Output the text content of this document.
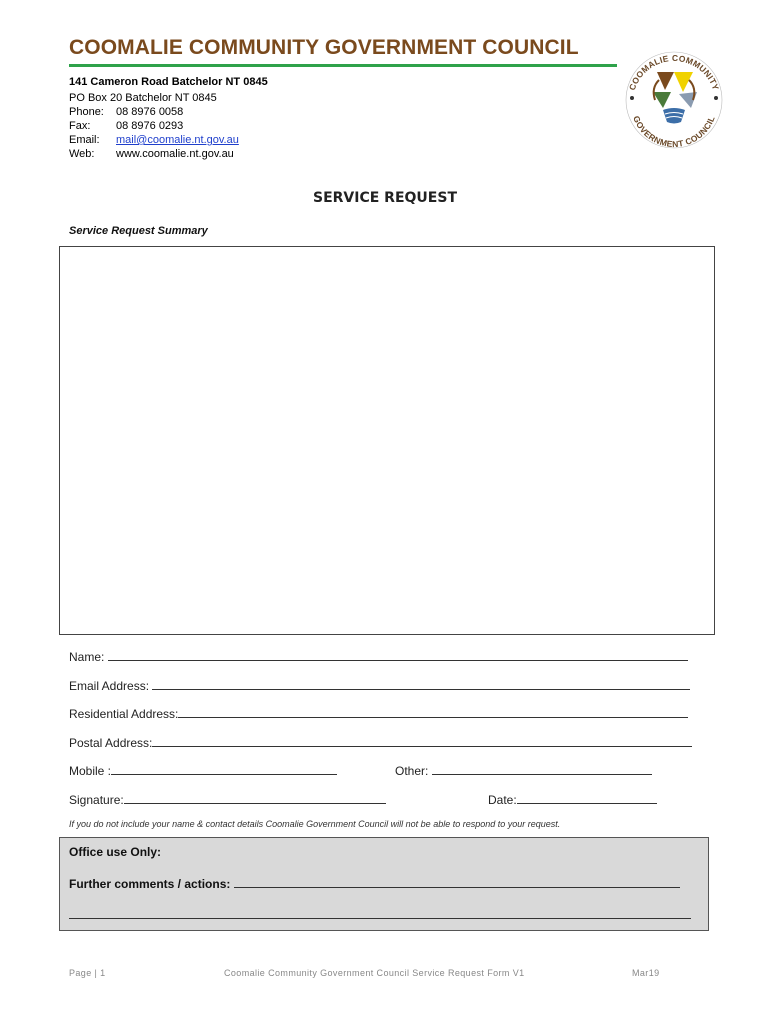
COOMALIE COMMUNITY GOVERNMENT COUNCIL
141 Cameron Road Batchelor NT 0845
PO Box 20 Batchelor NT 0845
Phone:	08 8976 0058
Fax:	08 8976 0293
Email:	mail@coomalie.nt.gov.au
Web:	www.coomalie.nt.gov.au
COOMALIE COMMUNITY
GOVERNMENT COUNCIL
SERVICE REQUEST
Service Request Summary
Name:
Email Address:
Residential Address:
Postal Address:
Mobile :	Other:
Signature:	Date:
If you do not include your name & contact details Coomalie Government Council will not be able to respond to your request.
Office use Only:
Further comments / actions:
Page | 1	Coomalie Community Government Council Service Request Form V1	Mar19
